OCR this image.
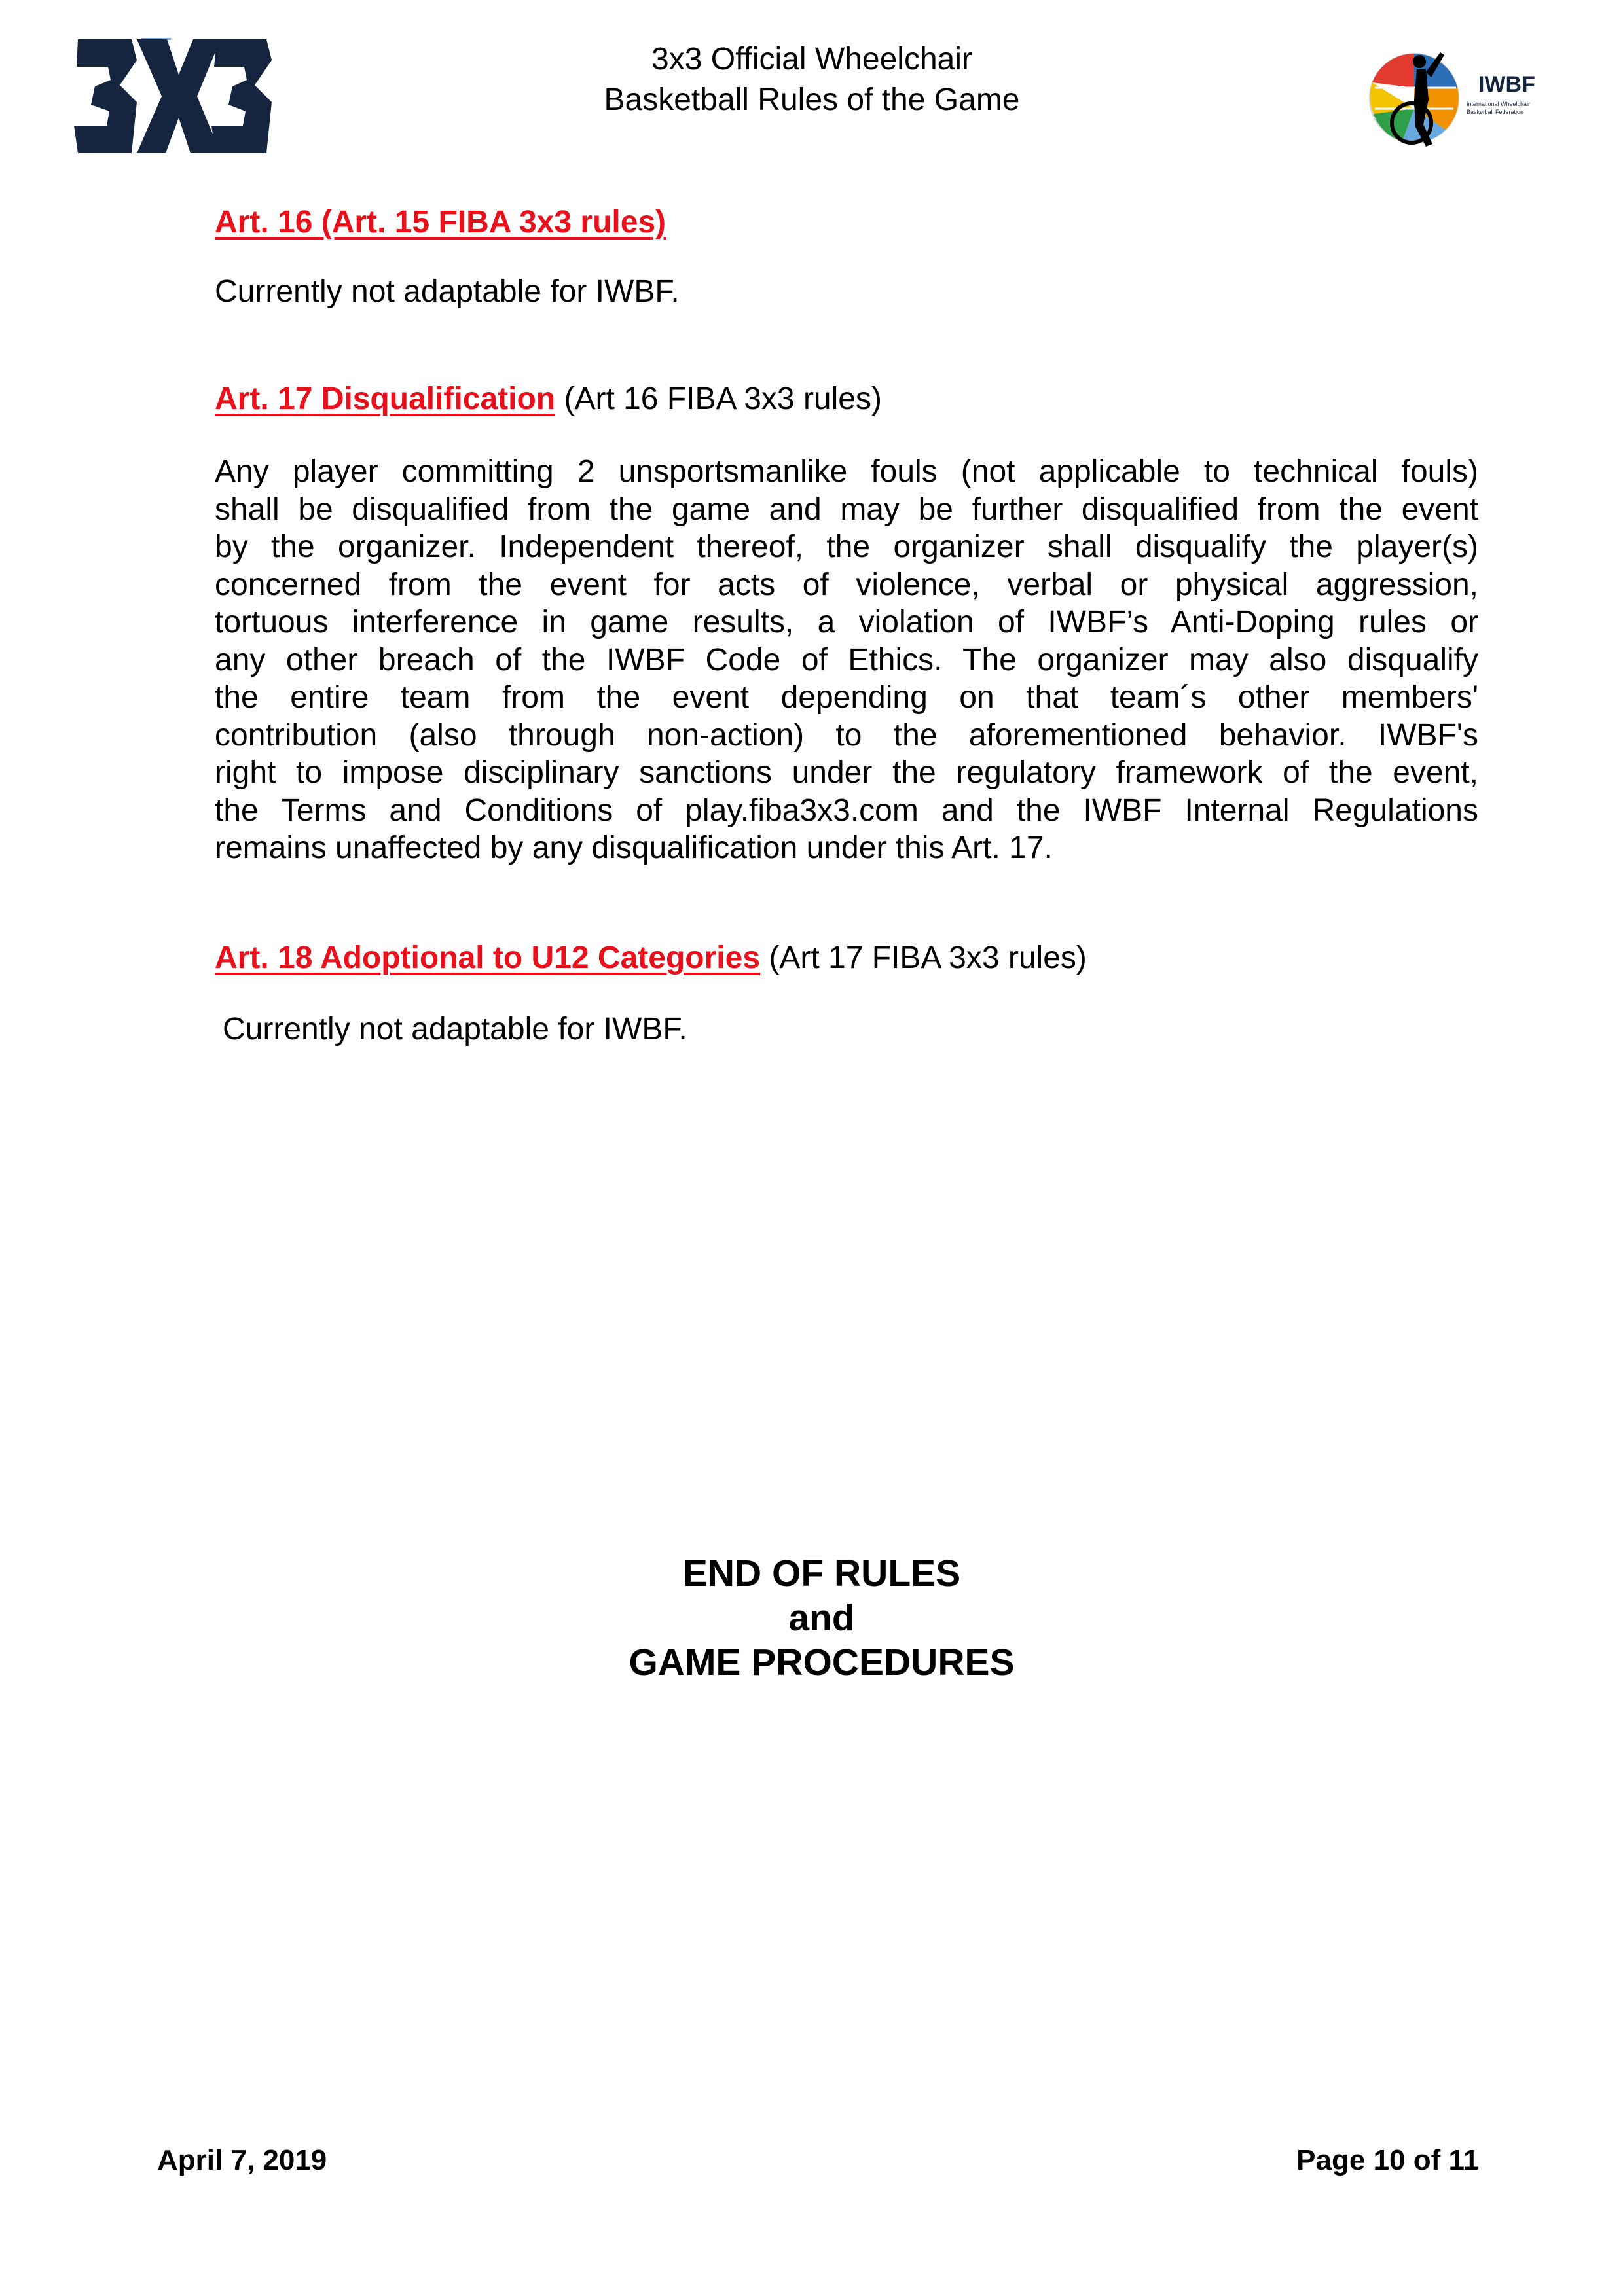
3x3 Official Wheelchair
Basketball Rules of the Game	IWBF
International Wheelchair
Basketball Federation
Art. 16 (Art. 15 FIBA 3x3 rules)
Currently not adaptable for IWBF.
Art. 17 Disqualification (Art 16 FIBA 3x3 rules)
Any player committing 2 unsportsmanlike fouls (not applicable to technical fouls)
shall be disqualified from the game and may be further disqualified from the event
by the organizer. Independent thereof, the organizer shall disqualify the player(s)
concerned from the event for acts of violence, verbal or physical aggression,
tortuous interference in game results, a violation of IWBF’s Anti-Doping rules or
any other breach of the IWBF Code of Ethics. The organizer may also disqualify
the entire team from the event depending on that team´s other members'
contribution (also through non-action) to the aforementioned behavior. IWBF's
right to impose disciplinary sanctions under the regulatory framework of the event,
the Terms and Conditions of play.fiba3x3.com and the IWBF Internal Regulations
remains unaffected by any disqualification under this Art. 17.
Art. 18 Adoptional to U12 Categories (Art 17 FIBA 3x3 rules)
Currently not adaptable for IWBF.
END OF RULES
and
GAME PROCEDURES
April 7, 2019	Page 10 of 11
